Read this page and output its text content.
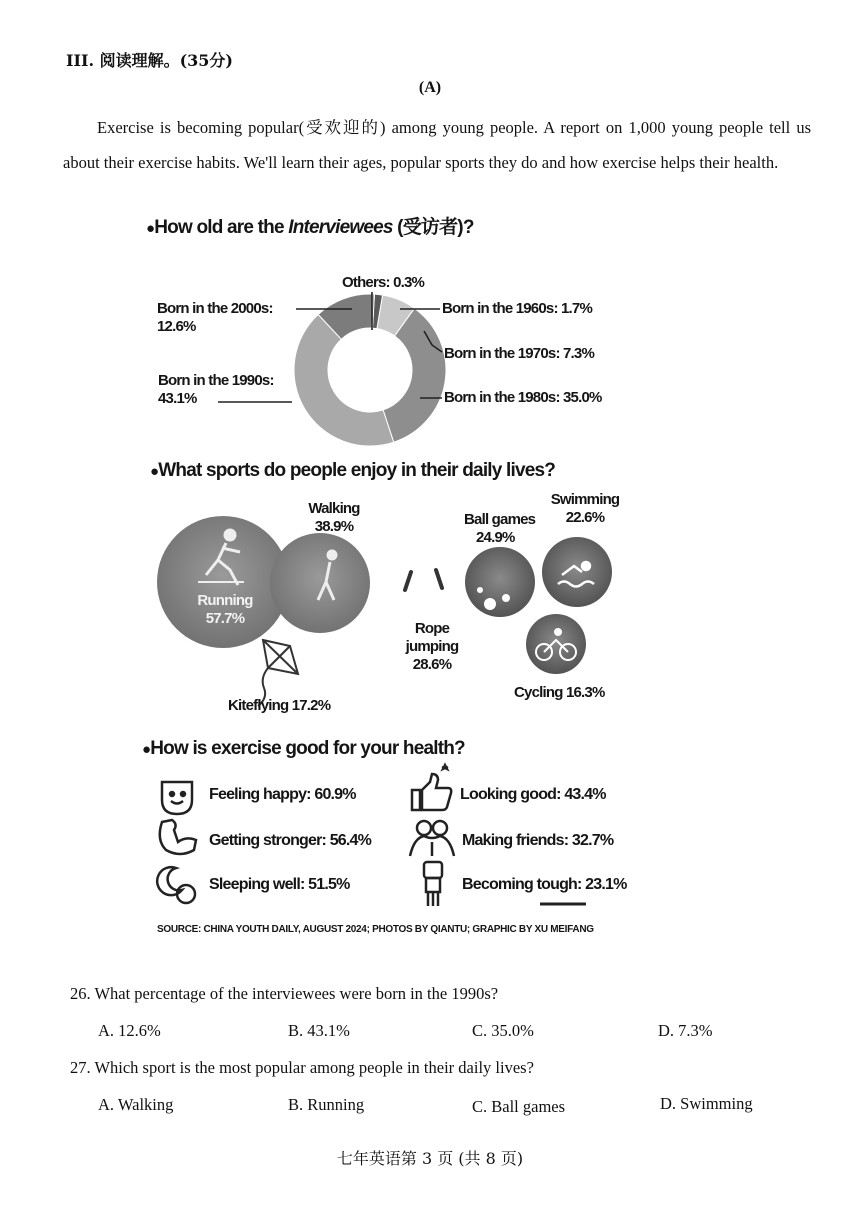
III. 阅读理解。(35分)
(A)
Exercise is becoming popular(受欢迎的) among young people. A report on 1,000 young people tell us about their exercise habits. We'll learn their ages, popular sports they do and how exercise helps their health.
●How old are the Interviewees (受访者)?
Others: 0.3%
Born in the 2000s:
12.6%
Born in the 1960s: 1.7%
Born in the 1970s: 7.3%
Born in the 1990s:
43.1%	Born in the 1980s: 35.0%
●What sports do people enjoy in their daily lives?
Running
57.7%
Walking
38.9%
Rope
jumping
28.6%
Ball games
24.9%
Swimming
22.6%
Cycling 16.3%
Kiteflying 17.2%
●How is exercise good for your health?
Feeling happy: 60.9%
Getting stronger: 56.4%
Sleeping well: 51.5%
Looking good: 43.4%
Making friends: 32.7%
Becoming tough: 23.1%
SOURCE: CHINA YOUTH DAILY, AUGUST 2024; PHOTOS BY QIANTU; GRAPHIC BY XU MEIFANG
26. What percentage of the interviewees were born in the 1990s?
A. 12.6%	B. 43.1%	C. 35.0%	D. 7.3%
27. Which sport is the most popular among people in their daily lives?
A. Walking	B. Running	C. Ball games	D. Swimming
七年英语第 3 页 (共 8 页)
